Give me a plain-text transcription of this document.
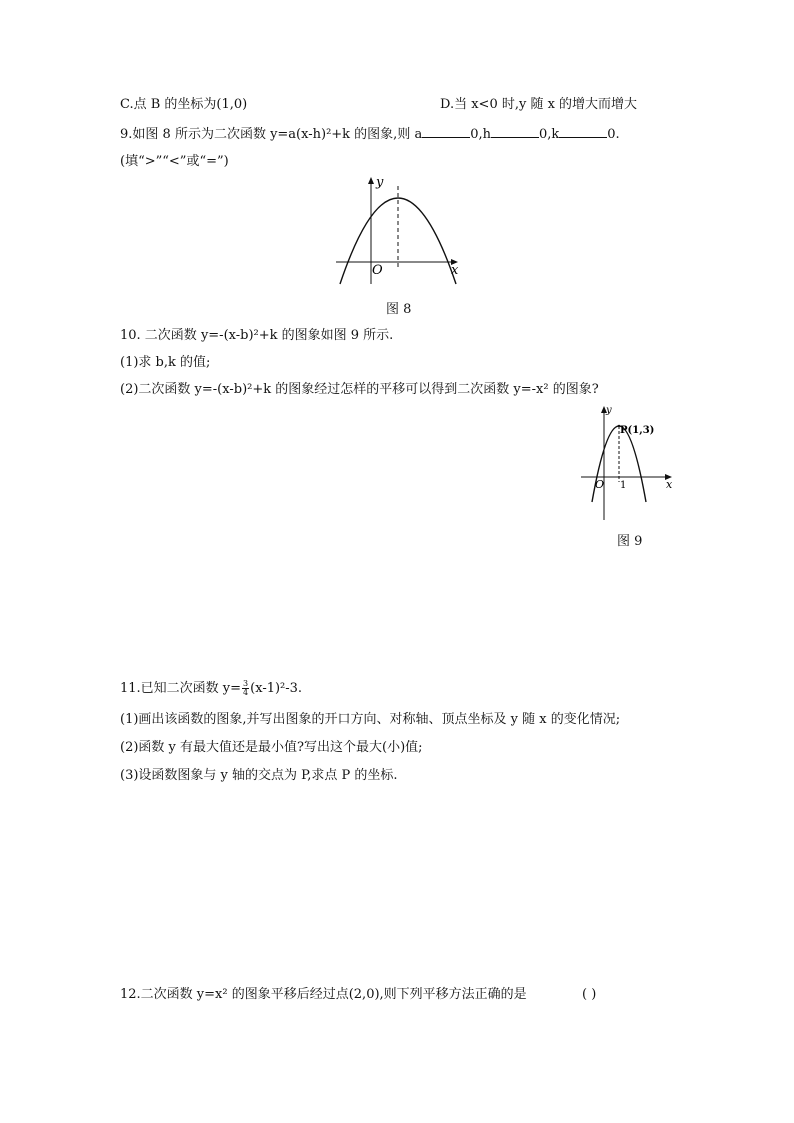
C.点 B 的坐标为(1,0)	D.当 x<0 时,y 随 x 的增大而增大
9.如图 8 所示为二次函数 y=a(x-h)²+k 的图象,则 a	0,h	0,k	0.
(填“>”“<”或“=”)
y
x
O
图 8
10. 二次函数 y=-(x-b)²+k 的图象如图 9 所示.
(1)求 b,k 的值;
(2)二次函数 y=-(x-b)²+k 的图象经过怎样的平移可以得到二次函数 y=-x² 的图象?
y
x
O 1
P(1,3)
图 9
11.已知二次函数 $y= \frac{3}{4} (x-1)^2-3$.
(1)画出该函数的图象,并写出图象的开口方向、对称轴、顶点坐标及 y 随 x 的变化情况;
(2)函数 y 有最大值还是最小值?写出这个最大(小)值;
(3)设函数图象与 y 轴的交点为 P,求点 P 的坐标.
12.二次函数 y=x² 的图象平移后经过点(2,0),则下列平移方法正确的是	( )
